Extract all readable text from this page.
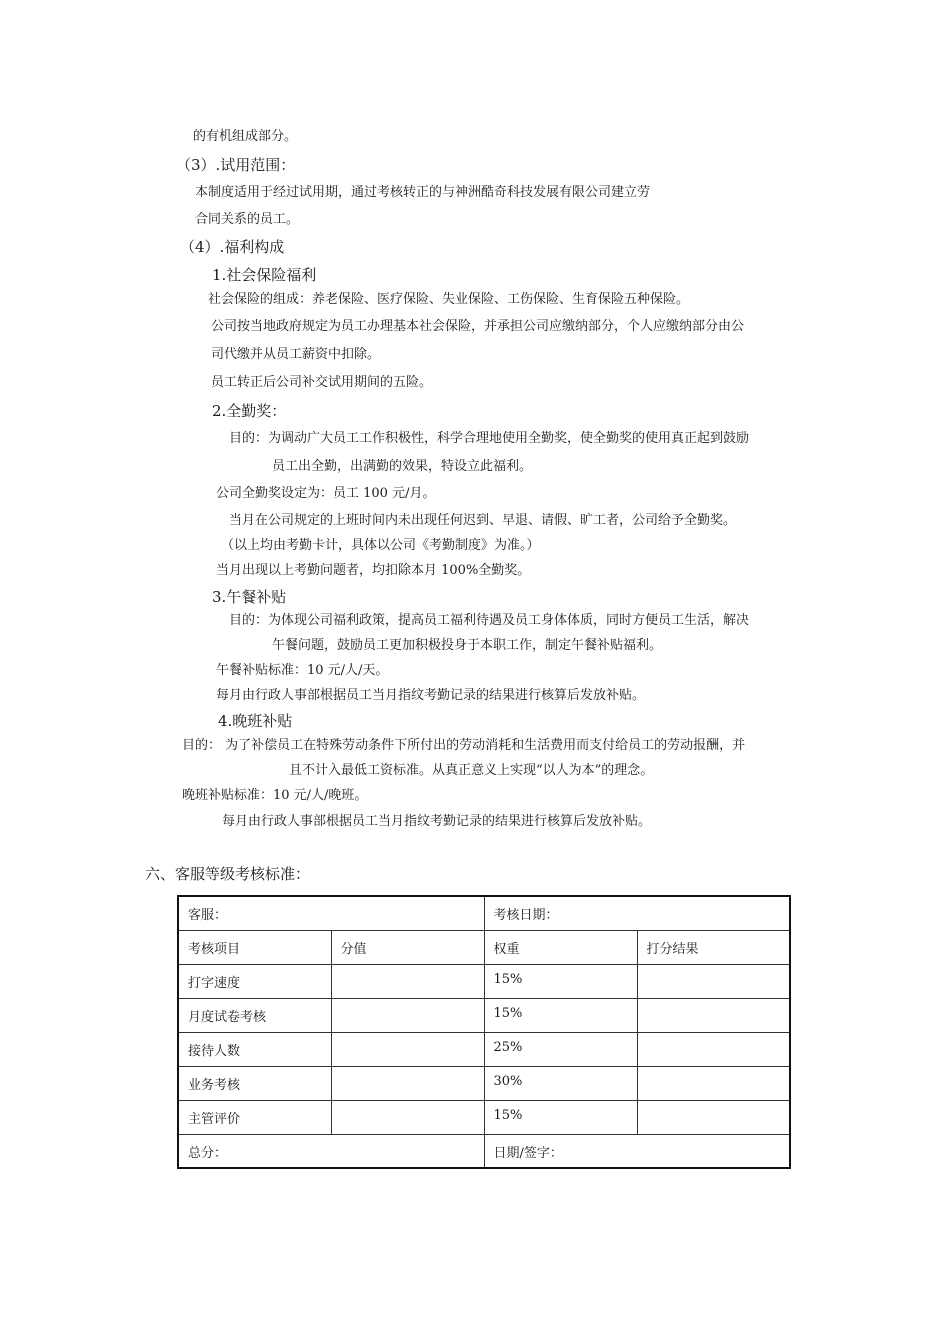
的有机组成部分。
（3）.试用范围：
本制度适用于经过试用期，通过考核转正的与神洲酷奇科技发展有限公司建立劳
合同关系的员工。
（4）.福利构成
1.社会保险福利
社会保险的组成：养老保险、医疗保险、失业保险、工伤保险、生育保险五种保险。
公司按当地政府规定为员工办理基本社会保险，并承担公司应缴纳部分，个人应缴纳部分由公
司代缴并从员工薪资中扣除。
员工转正后公司补交试用期间的五险。
2.全勤奖：
目的：为调动广大员工工作积极性，科学合理地使用全勤奖，使全勤奖的使用真正起到鼓励
员工出全勤，出满勤的效果，特设立此福利。
公司全勤奖设定为：员工 100 元/月。
当月在公司规定的上班时间内未出现任何迟到、早退、请假、旷工者，公司给予全勤奖。
（以上均由考勤卡计，具体以公司《考勤制度》为准。）
当月出现以上考勤问题者，均扣除本月 100%全勤奖。
3.午餐补贴
目的：为体现公司福利政策，提高员工福利待遇及员工身体体质，同时方便员工生活，解决
午餐问题，鼓励员工更加积极投身于本职工作，制定午餐补贴福利。
午餐补贴标准：10 元/人/天。
每月由行政人事部根据员工当月指纹考勤记录的结果进行核算后发放补贴。
4.晚班补贴
目的： 为了补偿员工在特殊劳动条件下所付出的劳动消耗和生活费用而支付给员工的劳动报酬，并
且不计入最低工资标准。从真正意义上实现“以人为本”的理念。
晚班补贴标准：10 元/人/晚班。
每月由行政人事部根据员工当月指纹考勤记录的结果进行核算后发放补贴。
六、客服等级考核标准：
客服：		考核日期：	
考核项目	分值	权重	打分结果
打字速度		15%	
月度试卷考核		15%	
接待人数		25%	
业务考核		30%	
主管评价		15%	
总分：		日期/签字：	
